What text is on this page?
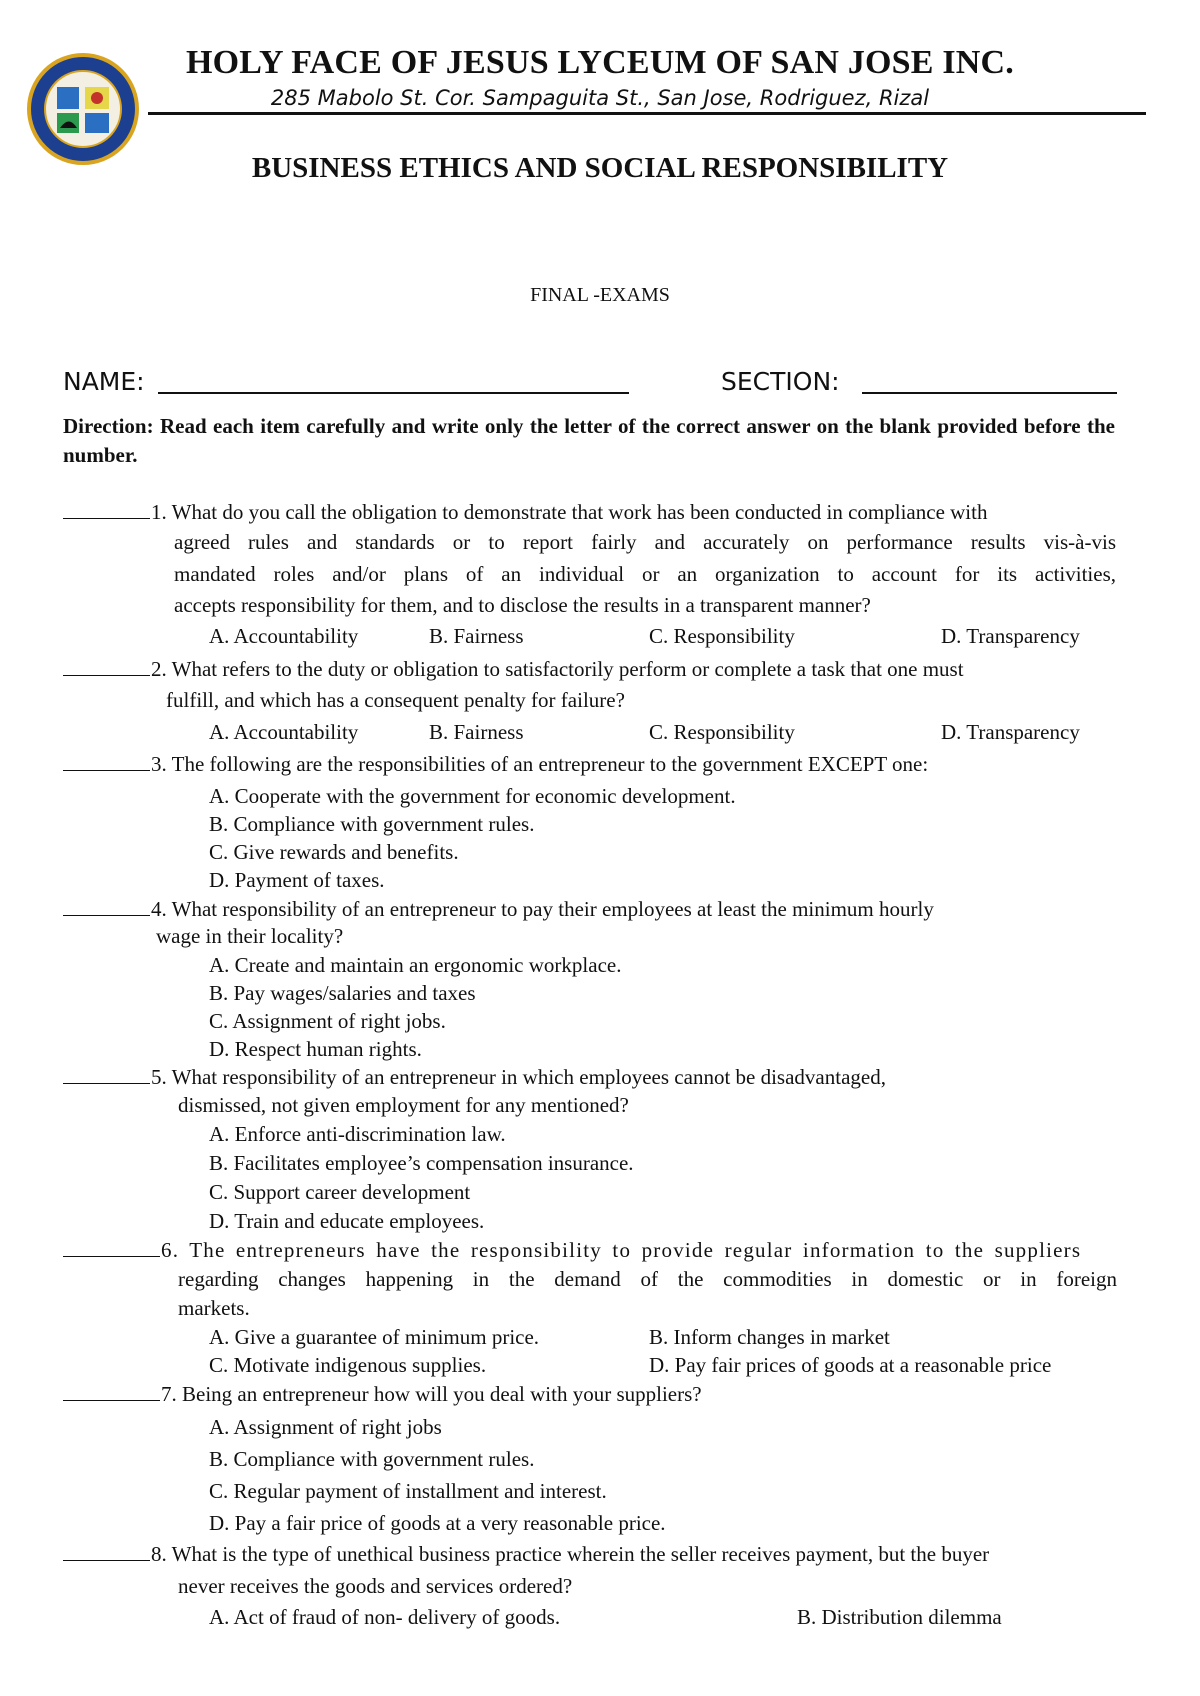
HOLY FACE OF JESUS LYCEUM OF SAN JOSE INC.
285 Mabolo St. Cor. Sampaguita St., San Jose, Rodriguez, Rizal
BUSINESS ETHICS AND SOCIAL RESPONSIBILITY
FINAL -EXAMS
NAME:	SECTION:
Direction: Read each item carefully and write only the letter of the correct answer on the blank provided before the number.
1. What do you call the obligation to demonstrate that work has been conducted in compliance with
agreed rules and standards or to report fairly and accurately on performance results vis-à-vis
mandated roles and/or plans of an individual or an organization to account for its activities,
accepts responsibility for them, and to disclose the results in a transparent manner?
A. Accountability	B. Fairness	C. Responsibility	D. Transparency
2. What refers to the duty or obligation to satisfactorily perform or complete a task that one must
fulfill, and which has a consequent penalty for failure?
A. Accountability	B. Fairness	C. Responsibility	D. Transparency
3. The following are the responsibilities of an entrepreneur to the government EXCEPT one:
A. Cooperate with the government for economic development.
B. Compliance with government rules.
C. Give rewards and benefits.
D. Payment of taxes.
4. What responsibility of an entrepreneur to pay their employees at least the minimum hourly
wage in their locality?
A. Create and maintain an ergonomic workplace.
B. Pay wages/salaries and taxes
C. Assignment of right jobs.
D. Respect human rights.
5. What responsibility of an entrepreneur in which employees cannot be disadvantaged,
dismissed, not given employment for any mentioned?
A. Enforce anti-discrimination law.
B. Facilitates employee’s compensation insurance.
C. Support career development
D. Train and educate employees.
6. The entrepreneurs have the responsibility to provide regular information to the suppliers
regarding changes happening in the demand of the commodities in domestic or in foreign
markets.
A. Give a guarantee of minimum price.	B. Inform changes in market
C. Motivate indigenous supplies.	D. Pay fair prices of goods at a reasonable price
7. Being an entrepreneur how will you deal with your suppliers?
A. Assignment of right jobs
B. Compliance with government rules.
C. Regular payment of installment and interest.
D. Pay a fair price of goods at a very reasonable price.
8. What is the type of unethical business practice wherein the seller receives payment, but the buyer
never receives the goods and services ordered?
A. Act of fraud of non- delivery of goods.	B. Distribution dilemma
